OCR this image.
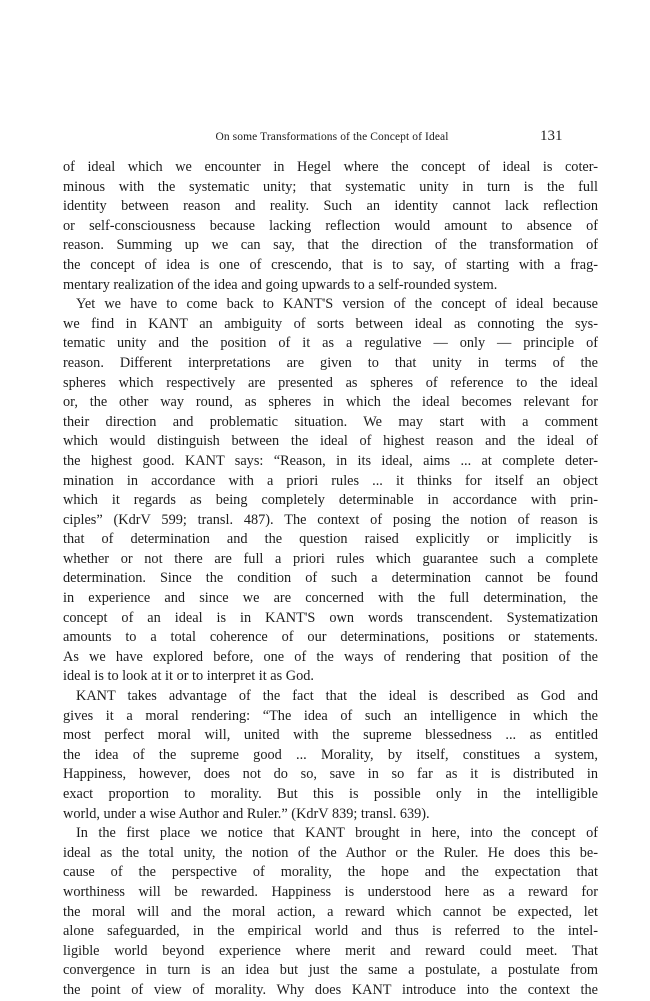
On some Transformations of the Concept of Ideal	131
of ideal which we encounter in Hegel where the concept of ideal is coter-
minous with the systematic unity; that systematic unity in turn is the full
identity between reason and reality. Such an identity cannot lack reflection
or self-consciousness because lacking reflection would amount to absence of
reason. Summing up we can say, that the direction of the transformation of
the concept of idea is one of crescendo, that is to say, of starting with a frag-
mentary realization of the idea and going upwards to a self-rounded system.
Yet we have to come back to KANT'S version of the concept of ideal because
we find in KANT an ambiguity of sorts between ideal as connoting the sys-
tematic unity and the position of it as a regulative — only — principle of
reason. Different interpretations are given to that unity in terms of the
spheres which respectively are presented as spheres of reference to the ideal
or, the other way round, as spheres in which the ideal becomes relevant for
their direction and problematic situation. We may start with a comment
which would distinguish between the ideal of highest reason and the ideal of
the highest good. KANT says: “Reason, in its ideal, aims ... at complete deter-
mination in accordance with a priori rules ... it thinks for itself an object
which it regards as being completely determinable in accordance with prin-
ciples” (KdrV 599; transl. 487). The context of posing the notion of reason is
that of determination and the question raised explicitly or implicitly is
whether or not there are full a priori rules which guarantee such a complete
determination. Since the condition of such a determination cannot be found
in experience and since we are concerned with the full determination, the
concept of an ideal is in KANT'S own words transcendent. Systematization
amounts to a total coherence of our determinations, positions or statements.
As we have explored before, one of the ways of rendering that position of the
ideal is to look at it or to interpret it as God.
KANT takes advantage of the fact that the ideal is described as God and
gives it a moral rendering: “The idea of such an intelligence in which the
most perfect moral will, united with the supreme blessedness ... as entitled
the idea of the supreme good ... Morality, by itself, constitues a system,
Happiness, however, does not do so, save in so far as it is distributed in
exact proportion to morality. But this is possible only in the intelligible
world, under a wise Author and Ruler.” (KdrV 839; transl. 639).
In the first place we notice that KANT brought in here, into the concept of
ideal as the total unity, the notion of the Author or the Ruler. He does this be-
cause of the perspective of morality, the hope and the expectation that
worthiness will be rewarded. Happiness is understood here as a reward for
the moral will and the moral action, a reward which cannot be expected, let
alone safeguarded, in the empirical world and thus is referred to the intel-
ligible world beyond experience where merit and reward could meet. That
convergence in turn is an idea but just the same a postulate, a postulate from
the point of view of morality. Why does KANT introduce into the context the
